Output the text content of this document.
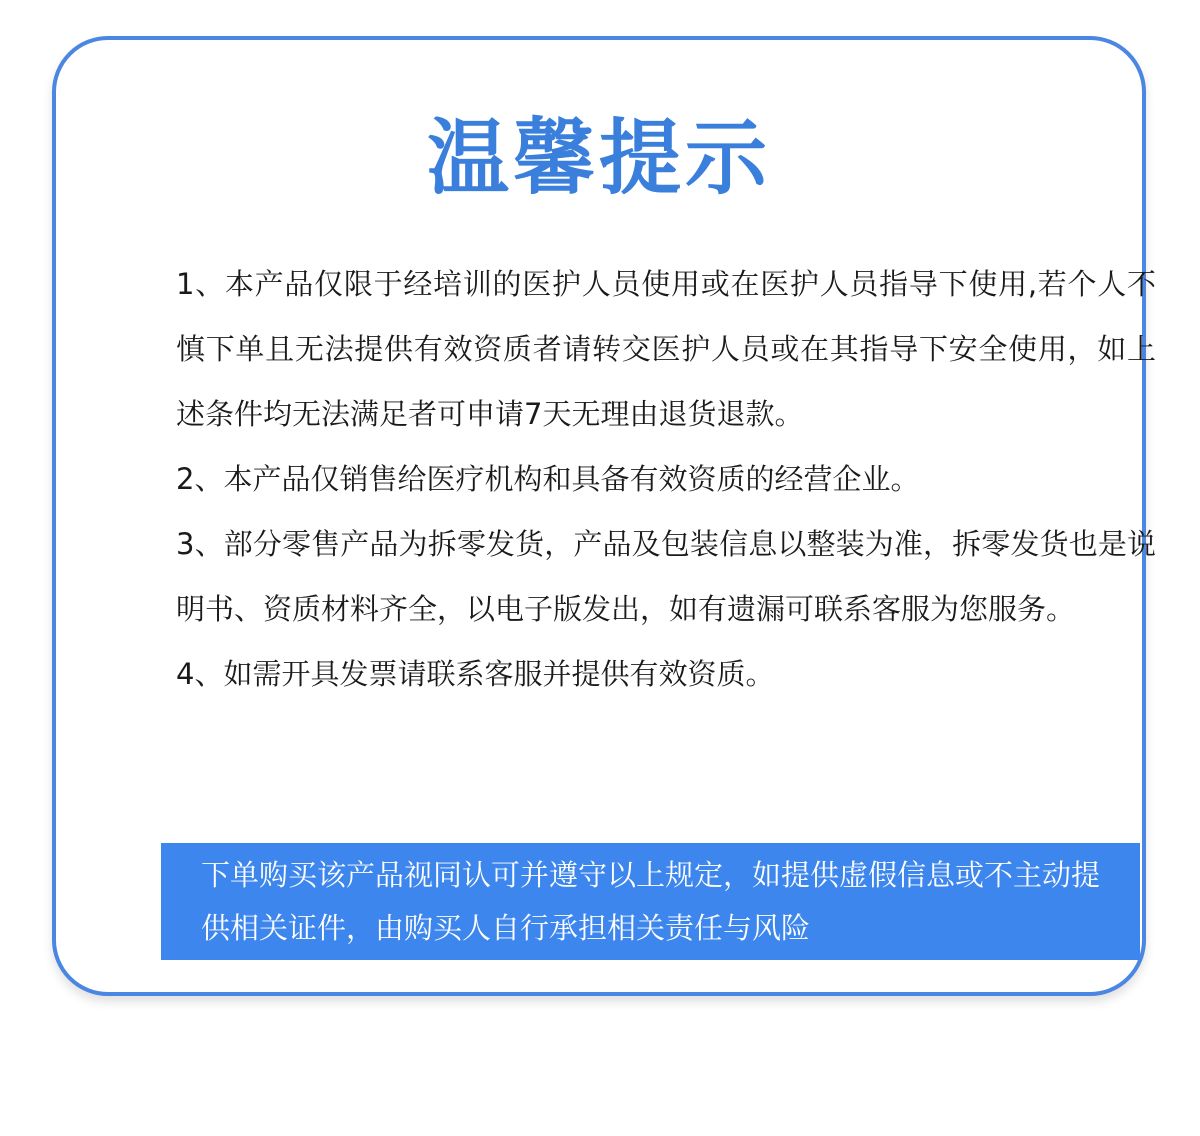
温馨提示

1、本产品仅限于经培训的医护人员使用或在医护人员指导下使用,若个人不慎下单且无法提供有效资质者请转交医护人员或在其指导下安全使用，如上述条件均无法满足者可申请7天无理由退货退款。

2、本产品仅销售给医疗机构和具备有效资质的经营企业。

3、部分零售产品为拆零发货，产品及包装信息以整装为准，拆零发货也是说明书、资质材料齐全，以电子版发出，如有遗漏可联系客服为您服务。

4、如需开具发票请联系客服并提供有效资质。

下单购买该产品视同认可并遵守以上规定，如提供虚假信息或不主动提供相关证件，由购买人自行承担相关责任与风险
